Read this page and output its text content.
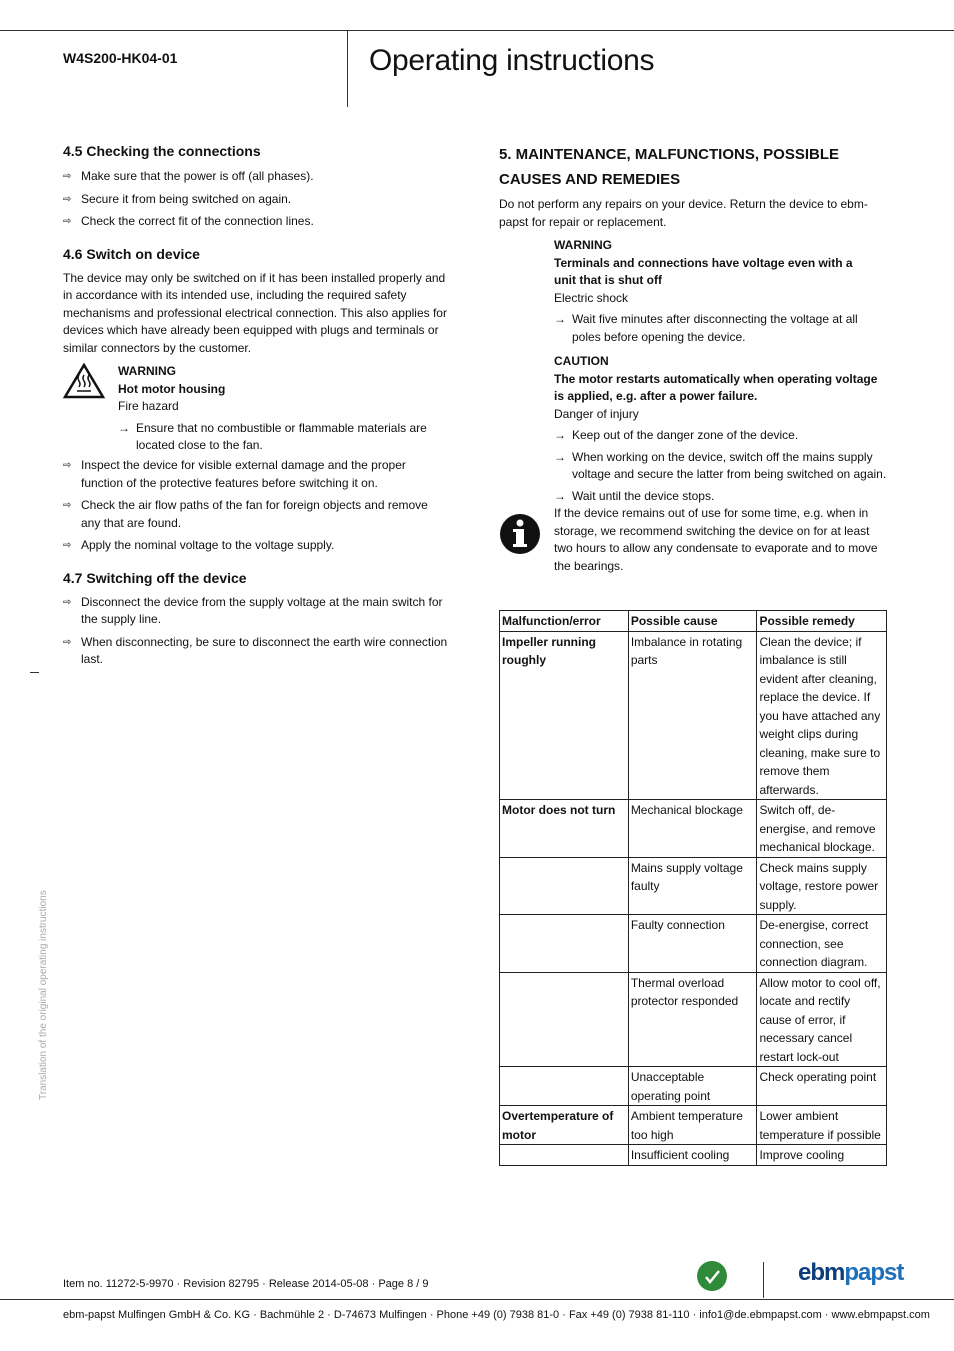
W4S200-HK04-01	Operating instructions
4.5 Checking the connections
⇨ Make sure that the power is off (all phases).
⇨ Secure it from being switched on again.
⇨ Check the correct fit of the connection lines.
4.6 Switch on device

The device may only be switched on if it has been installed properly and in accordance with its intended use, including the required safety mechanisms and professional electrical connection. This also applies for devices which have already been equipped with plugs and terminals or similar connectors by the customer.

WARNING

Hot motor housing

Fire hazard

→ Ensure that no combustible or flammable materials are located close to the fan.
⇨ Inspect the device for visible external damage and the proper function of the protective features before switching it on.
⇨ Check the air flow paths of the fan for foreign objects and remove any that are found.
⇨ Apply the nominal voltage to the voltage supply.
4.7 Switching off the device
⇨ Disconnect the device from the supply voltage at the main switch for the supply line.
⇨ When disconnecting, be sure to disconnect the earth wire connection last.
5. MAINTENANCE, MALFUNCTIONS, POSSIBLE
CAUSES AND REMEDIES

Do not perform any repairs on your device. Return the device to ebm-papst for repair or replacement.

WARNING

Terminals and connections have voltage even with a unit that is shut off

Electric shock

→ Wait five minutes after disconnecting the voltage at all poles before opening the device.

CAUTION

The motor restarts automatically when operating voltage is applied, e.g. after a power failure.

Danger of injury

→ Keep out of the danger zone of the device.
→ When working on the device, switch off the mains supply voltage and secure the latter from being switched on again.
→ Wait until the device stops.

If the device remains out of use for some time, e.g. when in storage, we recommend switching the device on for at least two hours to allow any condensate to evaporate and to move the bearings.

Malfunction/error	Possible cause	Possible remedy
Impeller running roughly	Imbalance in rotating parts	Clean the device; if imbalance is still evident after cleaning, replace the device. If you have attached any weight clips during cleaning, make sure to remove them afterwards.
Motor does not turn	Mechanical blockage	Switch off, de-energise, and remove mechanical blockage.
	Mains supply voltage faulty	Check mains supply voltage, restore power supply.
	Faulty connection	De-energise, correct connection, see connection diagram.
	Thermal overload protector responded	Allow motor to cool off, locate and rectify cause of error, if necessary cancel restart lock-out
	Unacceptable operating point	Check operating point
Overtemperature of motor	Ambient temperature too high	Lower ambient temperature if possible
	Insufficient cooling	Improve cooling
Translation of the original operating instructions
Item no. 11272-5-9970 · Revision 82795 · Release 2014-05-08 · Page 8 / 9	ebmpapst
ebm-papst Mulfingen GmbH & Co. KG · Bachmühle 2 · D-74673 Mulfingen · Phone +49 (0) 7938 81-0 · Fax +49 (0) 7938 81-110 · info1@de.ebmpapst.com · www.ebmpapst.com
